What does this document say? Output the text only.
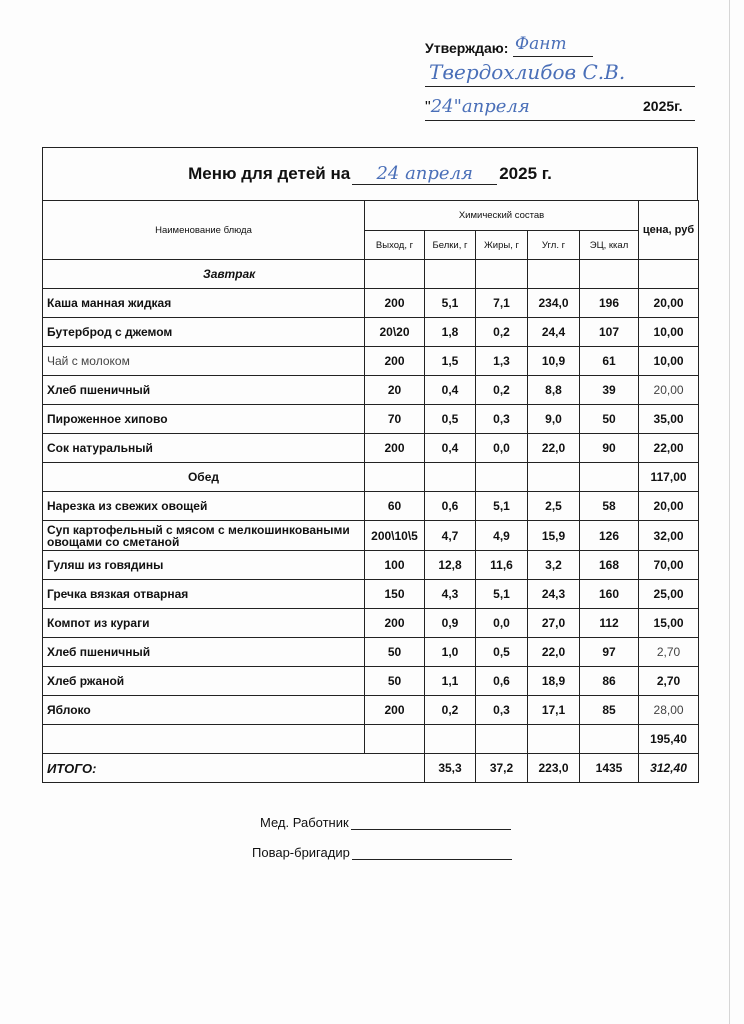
Утверждаю: Фант
Твердохлибов С.В.
"24"апреля	2025г.
Меню для детей на	24 апреля	2025 г.
Наименование блюда	Химический состав					цена, руб
	Выход, г	Белки, г	Жиры, г	Угл. г	ЭЦ, ккал	
Завтрак						
Каша манная жидкая	200	5,1	7,1	234,0	196	20,00
Бутерброд с джемом	20\20	1,8	0,2	24,4	107	10,00
Чай с молоком	200	1,5	1,3	10,9	61	10,00
Хлеб пшеничный	20	0,4	0,2	8,8	39	20,00
Пироженное хипово	70	0,5	0,3	9,0	50	35,00
Сок натуральный	200	0,4	0,0	22,0	90	22,00
Обед						117,00
Нарезка из свежих овощей	60	0,6	5,1	2,5	58	20,00
Суп картофельный с мясом с мелкошинковаными овощами со сметаной	200\10\5	4,7	4,9	15,9	126	32,00
Гуляш из говядины	100	12,8	11,6	3,2	168	70,00
Гречка вязкая отварная	150	4,3	5,1	24,3	160	25,00
Компот из кураги	200	0,9	0,0	27,0	112	15,00
Хлеб пшеничный	50	1,0	0,5	22,0	97	2,70
Хлеб ржаной	50	1,1	0,6	18,9	86	2,70
Яблоко	200	0,2	0,3	17,1	85	28,00
						195,40
ИТОГО:		35,3	37,2	223,0	1435	312,40
Мед. Работник
Повар-бригадир
